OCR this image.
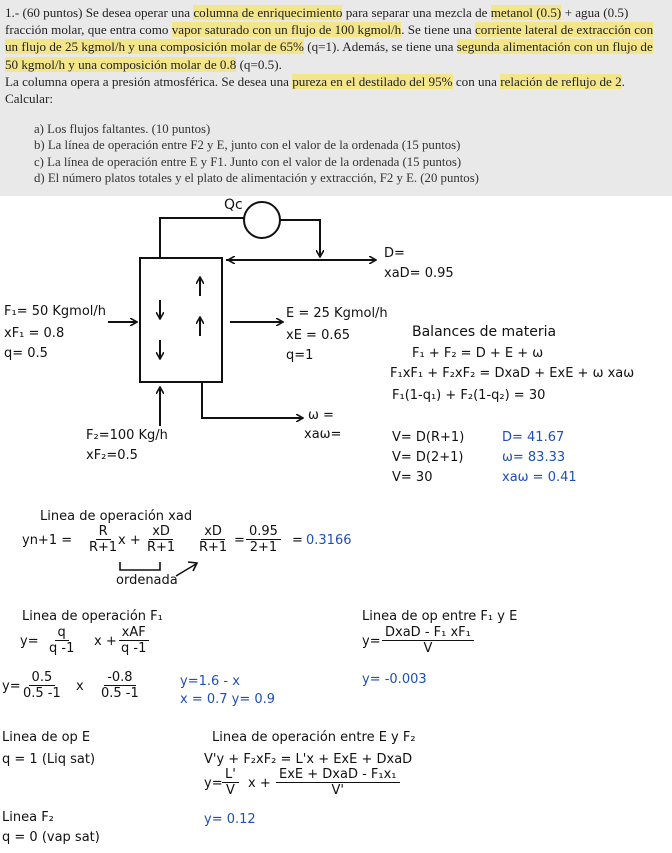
1.- (60 puntos) Se desea operar una columna de enriquecimiento para separar una mezcla de metanol (0.5) + agua (0.5) fracción molar, que entra como vapor saturado con un flujo de 100 kgmol/h. Se tiene una corriente lateral de extracción con un flujo de 25 kgmol/h y una composición molar de 65% (q=1). Además, se tiene una segunda alimentación con un flujo de 50 kgmol/h y una composición molar de 0.8 (q=0.5).

La columna opera a presión atmosférica. Se desea una pureza en el destilado del 95% con una relación de reflujo de 2. Calcular:

a) Los flujos faltantes. (10 puntos)
b) La línea de operación entre F2 y E, junto con el valor de la ordenada (15 puntos)
c) La línea de operación entre E y F1. Junto con el valor de la ordenada (15 puntos)
d) El número platos totales y el plato de alimentación y extracción, F2 y E. (20 puntos)
Qc
D=
xaD= 0.95
F₁= 50 Kgmol/h
xF₁ = 0.8
q= 0.5
E = 25 Kgmol/h
xE = 0.65
q=1
ω =
xaω=
F₂=100 Kg/h
xF₂=0.5
Balances de materia
F₁ + F₂ = D + E + ω
F₁xF₁ + F₂xF₂ = DxaD + ExE + ω xaω
F₁(1-q₁) + F₂(1-q₂) = 30
V= D(R+1)
V= D(2+1)
V= 30
D= 41.67
ω= 83.33
xaω = 0.41
Linea de operación xad
$yn+1 = \frac{R}{R+1}$
$x + \frac{xD}{R+1} \frac{xD}{R+1} = \frac{0.95}{2+1} = 0.3166$
ordenada
Linea de operación F₁
$y= \frac{q}{q -1}$ x +
xAF
q -1
$y= \frac{0.5}{0.5 -1}$ x $\frac{-0.8}{0.5 -1}$	y=1.6 - x
x = 0.7 y= 0.9
Linea de op entre F₁ y E
y=
DxaD - F₁ xF₁
V
y= -0.003
Linea de op E
q = 1 (Liq sat)
Linea de operación entre E y F₂
V'y + F₂xF₂ = L'x + ExE + DxaD
$y= \frac{L'}{V}$ x +
ExE + DxaD - F₁x₁
V'
y= 0.12
Linea F₂
q = 0 (vap sat)
